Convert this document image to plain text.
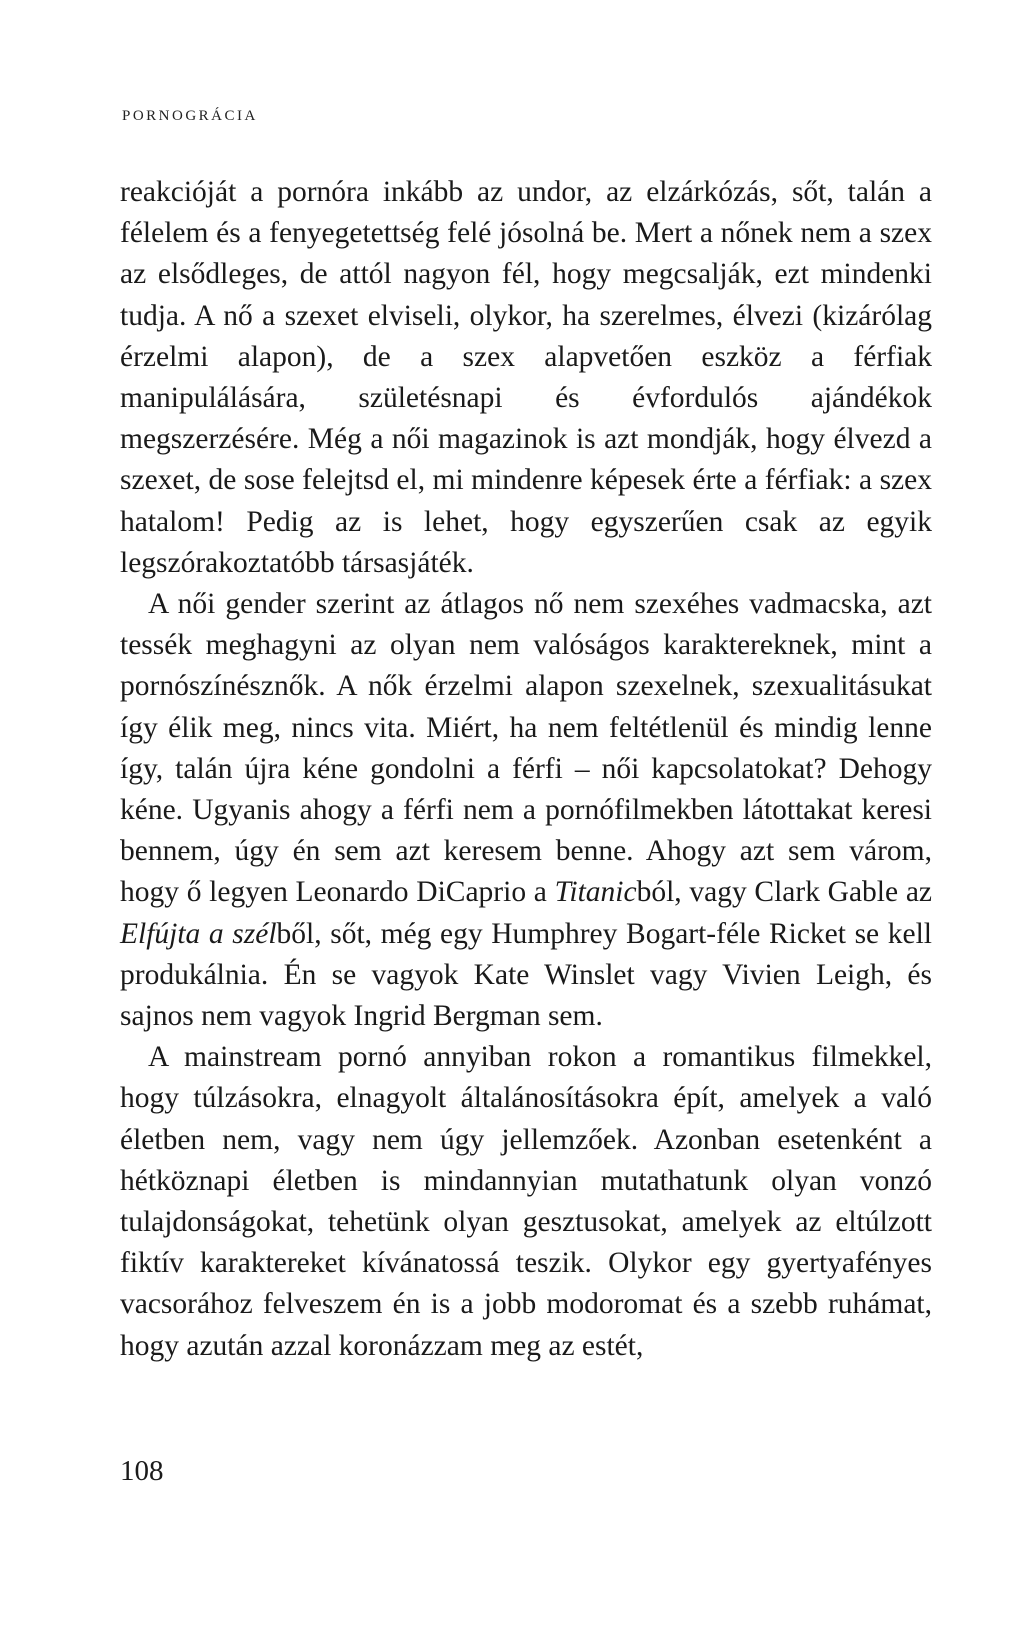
PORNOGRÁCIA

reakcióját a pornóra inkább az undor, az elzárkózás, sőt, talán a félelem és a fenyegetettség felé jósolná be. Mert a nőnek nem a szex az elsődleges, de attól nagyon fél, hogy megcsalják, ezt mindenki tudja. A nő a szexet elviseli, olykor, ha szerelmes, élvezi (kizárólag érzelmi alapon), de a szex alapvetően eszköz a férfiak manipulálására, születésnapi és évfordulós ajándékok megszerzésére. Még a női magazinok is azt mondják, hogy élvezd a szexet, de sose felejtsd el, mi mindenre képesek érte a férfiak: a szex hatalom! Pedig az is lehet, hogy egyszerűen csak az egyik legszórakoztatóbb társasjáték.

A női gender szerint az átlagos nő nem szexéhes vadmacska, azt tessék meghagyni az olyan nem valóságos karaktereknek, mint a pornószínésznők. A nők érzelmi alapon szexelnek, szexualitásukat így élik meg, nincs vita. Miért, ha nem feltétlenül és mindig lenne így, talán újra kéne gondolni a férfi – női kapcsolatokat? Dehogy kéne. Ugyanis ahogy a férfi nem a pornófilmekben látottakat keresi bennem, úgy én sem azt keresem benne. Ahogy azt sem várom, hogy ő legyen Leonardo DiCaprio a Titanicból, vagy Clark Gable az Elfújta a szélből, sőt, még egy Humphrey Bogart-féle Ricket se kell produkálnia. Én se vagyok Kate Winslet vagy Vivien Leigh, és sajnos nem vagyok Ingrid Bergman sem.

A mainstream pornó annyiban rokon a romantikus filmekkel, hogy túlzásokra, elnagyolt általánosításokra épít, amelyek a való életben nem, vagy nem úgy jellemzőek. Azonban esetenként a hétköznapi életben is mindannyian mutathatunk olyan vonzó tulajdonságokat, tehetünk olyan gesztusokat, amelyek az eltúlzott fiktív karaktereket kívánatossá teszik. Olykor egy gyertyafényes vacsorához felveszem én is a jobb modoromat és a szebb ruhámat, hogy azután azzal koronázzam meg az estét,

108
